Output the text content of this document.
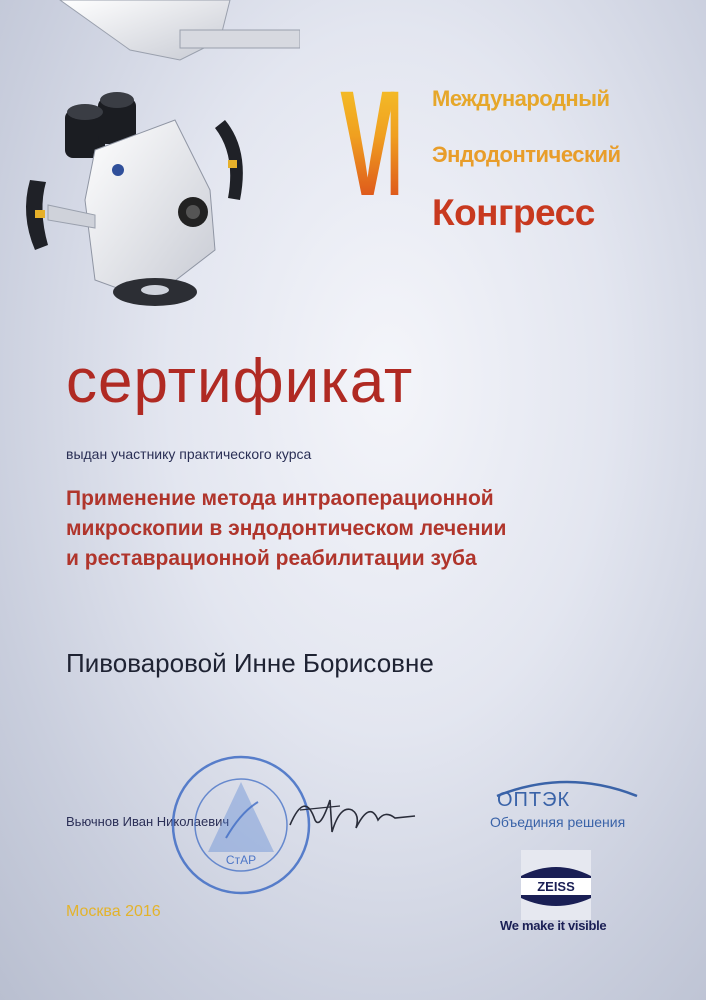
VI Международный
Эндодонтический
Конгресс
сертификат
выдан участнику практического курса
Применение метода интраоперационной
микроскопии в эндодонтическом лечении
и реставрационной реабилитации зуба
Пивоваровой Инне Борисовне
Вьючнов Иван Николаевич
СтАР
Москва 2016
ОПТЭК
Объединяя решения
ZEISS
We make it visible
